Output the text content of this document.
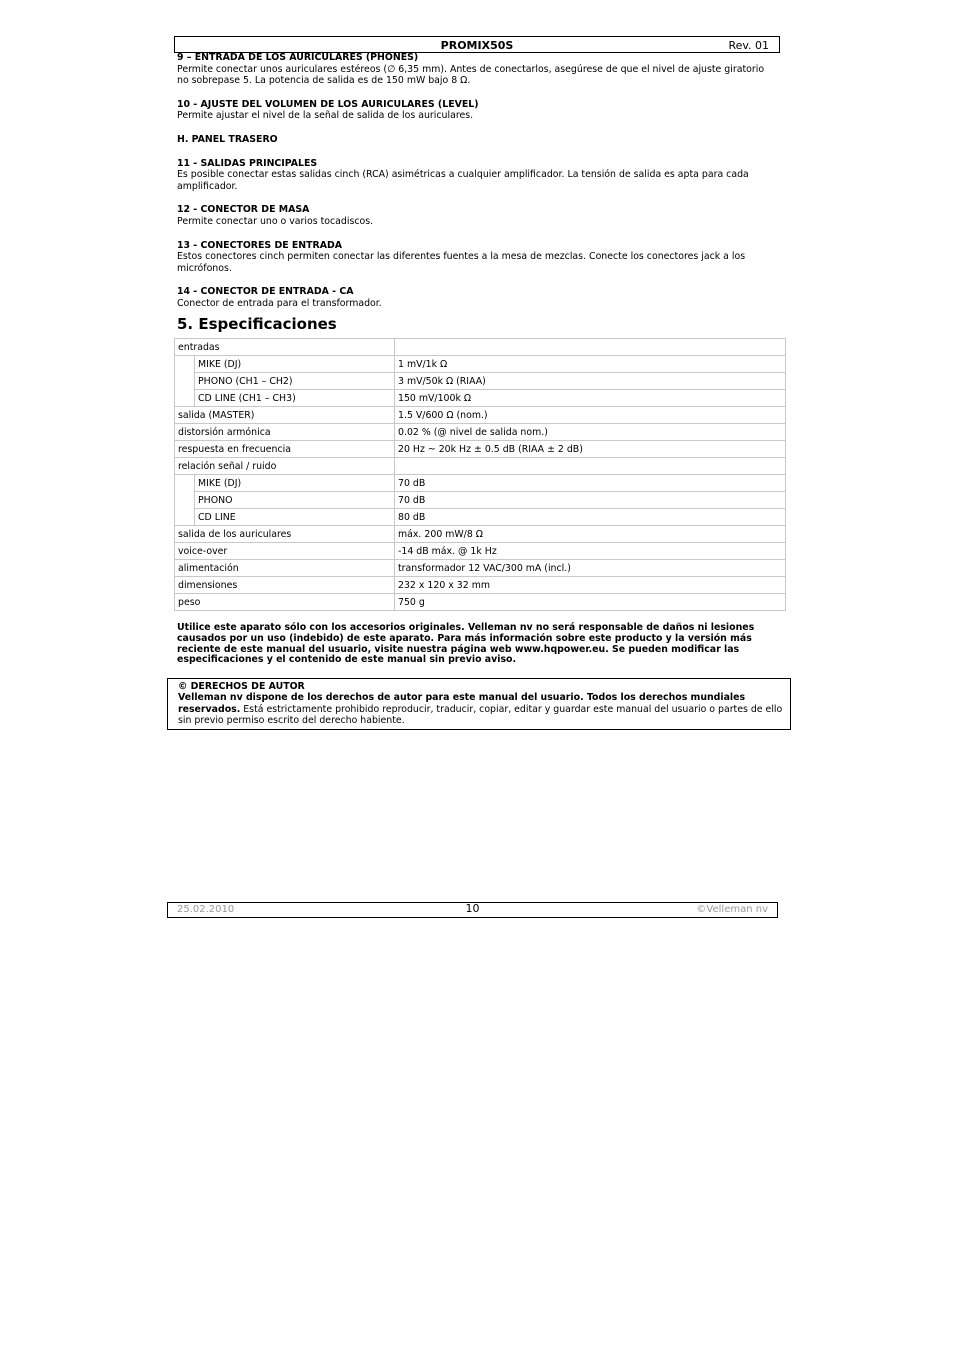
PROMIX50S	Rev. 01
9 – ENTRADA DE LOS AURICULARES (PHONES)
Permite conectar unos auriculares estéreos (∅ 6,35 mm). Antes de conectarlos, asegúrese de que el nivel de ajuste giratorio no sobrepase 5. La potencia de salida es de 150 mW bajo 8 Ω.
10 - AJUSTE DEL VOLUMEN DE LOS AURICULARES (LEVEL)
Permite ajustar el nivel de la señal de salida de los auriculares.
H. PANEL TRASERO
11 - SALIDAS PRINCIPALES
Es posible conectar estas salidas cinch (RCA) asimétricas a cualquier amplificador. La tensión de salida es apta para cada amplificador.
12 - CONECTOR DE MASA
Permite conectar uno o varios tocadiscos.
13 - CONECTORES DE ENTRADA
Estos conectores cinch permiten conectar las diferentes fuentes a la mesa de mezclas. Conecte los conectores jack a los micrófonos.
14 - CONECTOR DE ENTRADA - CA
Conector de entrada para el transformador.
5. Especificaciones
entradas		
	MIKE (DJ)	1 mV/1k Ω
	PHONO (CH1 – CH2)	3 mV/50k Ω (RIAA)
	CD LINE (CH1 – CH3)	150 mV/100k Ω
salida (MASTER)		1.5 V/600 Ω (nom.)
distorsión armónica		0.02 % (@ nivel de salida nom.)
respuesta en frecuencia		20 Hz ~ 20k Hz ± 0.5 dB (RIAA ± 2 dB)
relación señal / ruido		
	MIKE (DJ)	70 dB
	PHONO	70 dB
	CD LINE	80 dB
salida de los auriculares		máx. 200 mW/8 Ω
voice-over		-14 dB máx. @ 1k Hz
alimentación		transformador 12 VAC/300 mA (incl.)
dimensiones		232 x 120 x 32 mm
peso		750 g
Utilice este aparato sólo con los accesorios originales. Velleman nv no será responsable de daños ni lesiones causados por un uso (indebido) de este aparato. Para más información sobre este producto y la versión más reciente de este manual del usuario, visite nuestra página web www.hqpower.eu. Se pueden modificar las especificaciones y el contenido de este manual sin previo aviso.
© DERECHOS DE AUTOR
Velleman nv dispone de los derechos de autor para este manual del usuario. Todos los derechos mundiales reservados. Está estrictamente prohibido reproducir, traducir, copiar, editar y guardar este manual del usuario o partes de ello sin previo permiso escrito del derecho habiente.
25.02.2010	10	©Velleman nv
